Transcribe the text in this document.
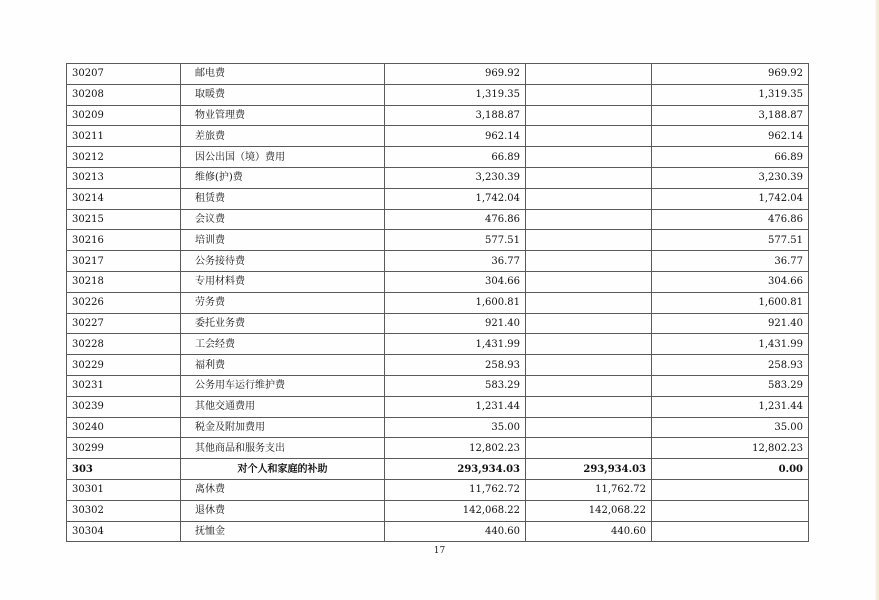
30207	邮电费	969.92		969.92
30208	取暖费	1,319.35		1,319.35
30209	物业管理费	3,188.87		3,188.87
30211	差旅费	962.14		962.14
30212	因公出国（境）费用	66.89		66.89
30213	维修(护)费	3,230.39		3,230.39
30214	租赁费	1,742.04		1,742.04
30215	会议费	476.86		476.86
30216	培训费	577.51		577.51
30217	公务接待费	36.77		36.77
30218	专用材料费	304.66		304.66
30226	劳务费	1,600.81		1,600.81
30227	委托业务费	921.40		921.40
30228	工会经费	1,431.99		1,431.99
30229	福利费	258.93		258.93
30231	公务用车运行维护费	583.29		583.29
30239	其他交通费用	1,231.44		1,231.44
30240	税金及附加费用	35.00		35.00
30299	其他商品和服务支出	12,802.23		12,802.23
303	对个人和家庭的补助	293,934.03	293,934.03	0.00
30301	离休费	11,762.72	11,762.72	
30302	退休费	142,068.22	142,068.22	
30304	抚恤金	440.60	440.60	
17
